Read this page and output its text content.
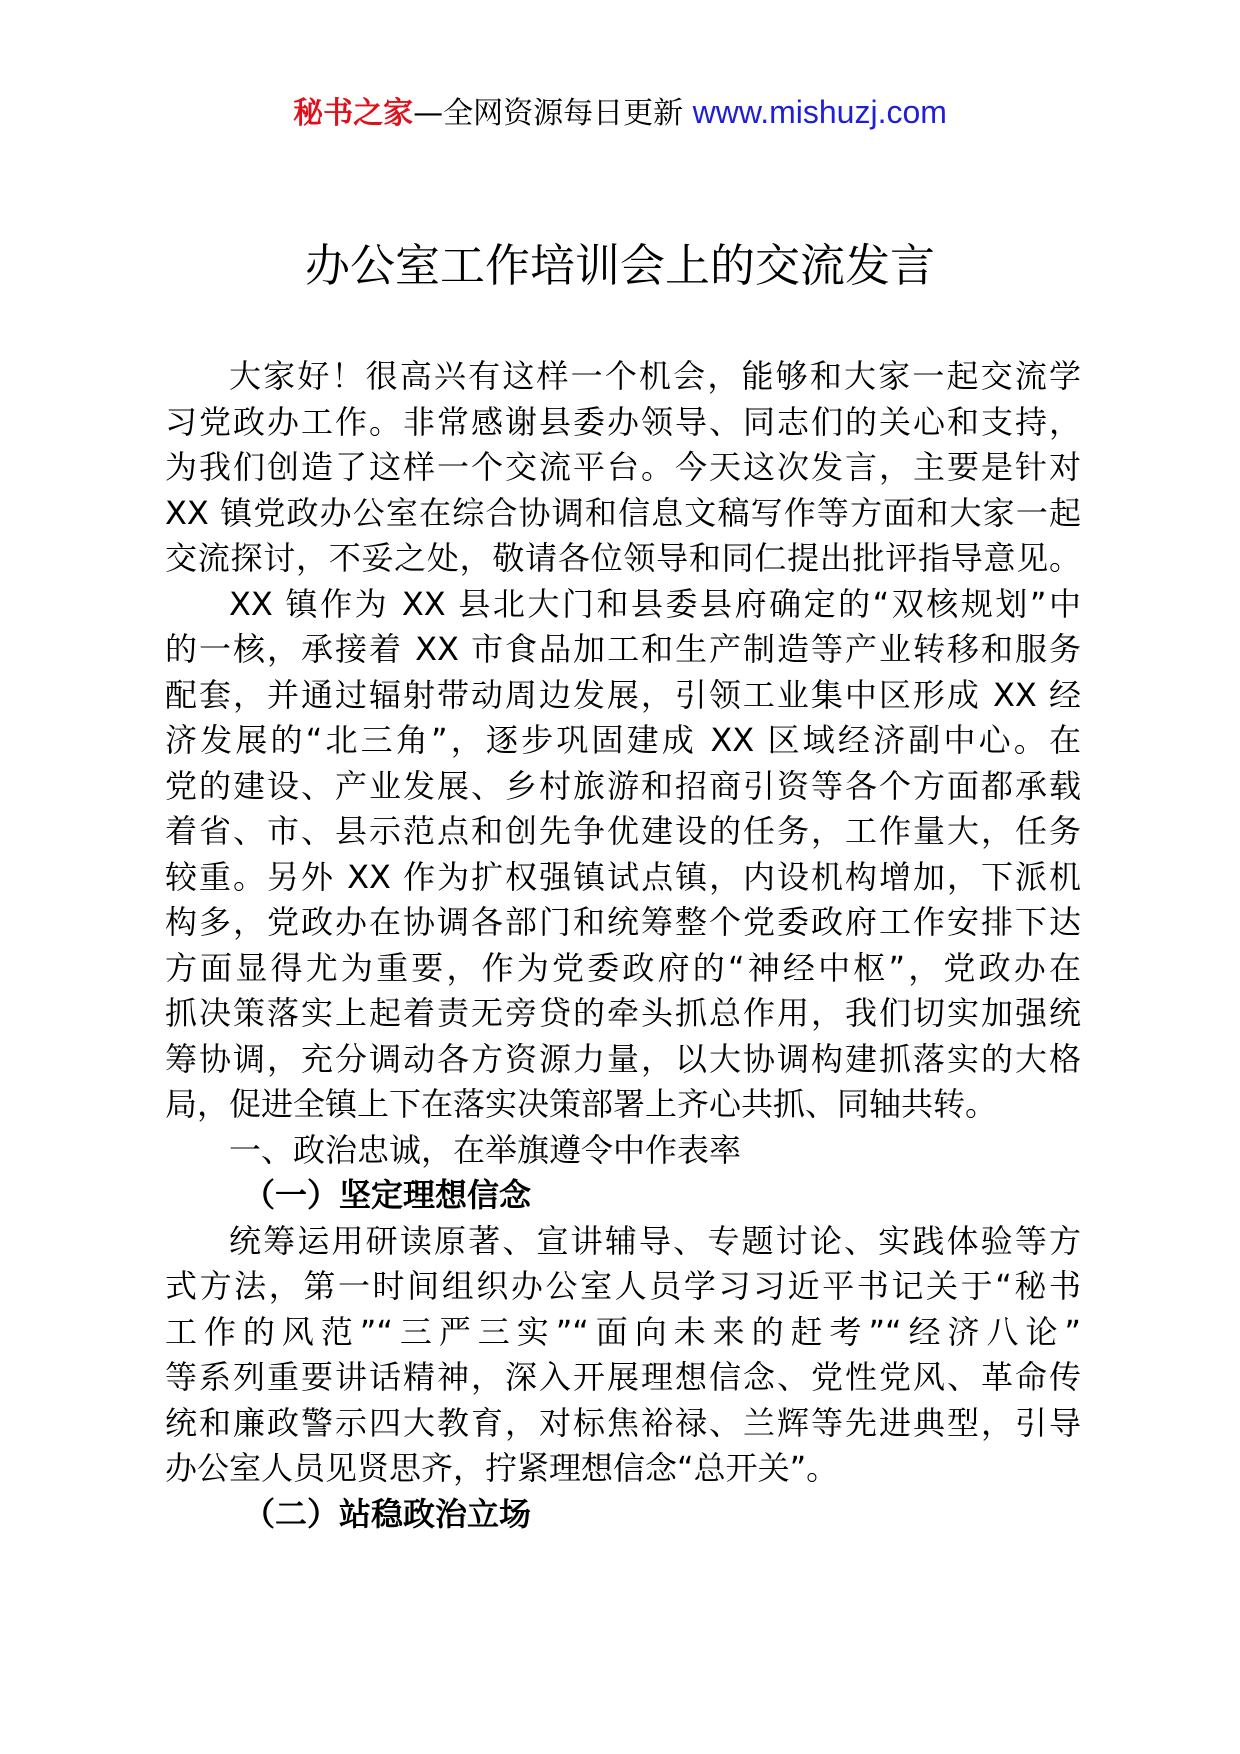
秘书之家—全网资源每日更新 www.mishuzj.com
办公室工作培训会上的交流发言
大家好！很高兴有这样一个机会，能够和大家一起交流学
习党政办工作。非常感谢县委办领导、同志们的关心和支持，
为我们创造了这样一个交流平台。今天这次发言，主要是针对
XX 镇党政办公室在综合协调和信息文稿写作等方面和大家一起
交流探讨，不妥之处，敬请各位领导和同仁提出批评指导意见。
XX 镇作为 XX 县北大门和县委县府确定的“双核规划”中
的一核，承接着 XX 市食品加工和生产制造等产业转移和服务
配套，并通过辐射带动周边发展，引领工业集中区形成 XX 经
济发展的“北三角”，逐步巩固建成 XX 区域经济副中心。在
党的建设、产业发展、乡村旅游和招商引资等各个方面都承载
着省、市、县示范点和创先争优建设的任务，工作量大，任务
较重。另外 XX 作为扩权强镇试点镇，内设机构增加，下派机
构多，党政办在协调各部门和统筹整个党委政府工作安排下达
方面显得尤为重要，作为党委政府的“神经中枢”，党政办在
抓决策落实上起着责无旁贷的牵头抓总作用，我们切实加强统
筹协调，充分调动各方资源力量，以大协调构建抓落实的大格
局，促进全镇上下在落实决策部署上齐心共抓、同轴共转。
一、政治忠诚，在举旗遵令中作表率
（一）坚定理想信念
统筹运用研读原著、宣讲辅导、专题讨论、实践体验等方
式方法，第一时间组织办公室人员学习习近平书记关于“秘书
工作的风范”“三严三实”“面向未来的赶考”“经济八论”
等系列重要讲话精神，深入开展理想信念、党性党风、革命传
统和廉政警示四大教育，对标焦裕禄、兰辉等先进典型，引导
办公室人员见贤思齐，拧紧理想信念“总开关”。
（二）站稳政治立场
